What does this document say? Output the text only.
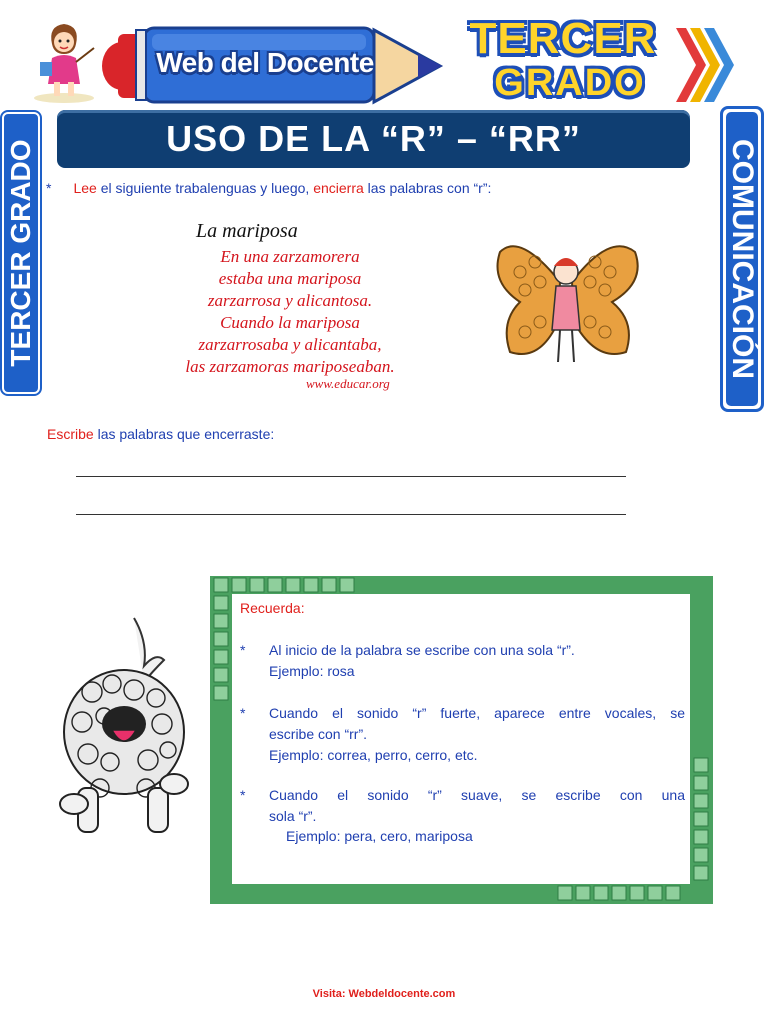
Web del Docente	TERCER
GRADO
USO DE LA “R” – “RR”
TERCER GRADO	COMUNICACIÓN
* Lee el siguiente trabalenguas y luego, encierra las palabras con “r”:
La mariposa
En una zarzamorera
estaba una mariposa
zarzarrosa y alicantosa.
Cuando la mariposa
zarzarrosaba y alicantaba,
las zarzamoras mariposeaban.
www.educar.org
Escribe las palabras que encerraste:
Recuerda:
* Al inicio de la palabra se escribe con una sola “r”.
Ejemplo: rosa
* Cuando el sonido “r” fuerte, aparece entre vocales, se
escribe con “rr”.
Ejemplo: correa, perro, cerro, etc.
* Cuando el sonido “r” suave, se escribe con una
sola “r”.
Ejemplo: pera, cero, mariposa
Visita: Webdeldocente.com
